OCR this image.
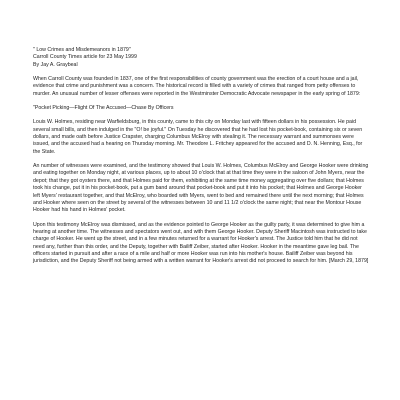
" Low Crimes and Misdemeanors in 1879"

Carroll County Times article for 23 May 1999

By Jay A. Graybeal

When Carroll County was founded in 1837, one of the first responsibilities of county government was the erection of a court house and a jail, evidence that crime and punishment was a concern. The historical record is filled with a variety of crimes that ranged from petty offenses to murder. An unusual number of lesser offenses were reported in the Westminster Democratic Advocate newspaper in the early spring of 1879:

"Pocket Picking—Flight Of The Accused—Chase By Officers

Louis W. Holmes, residing near Warfieldsburg, in this county, came to this city on Monday last with fifteen dollars in his possession. He paid several small bills, and then indulged in the "O! be joyful." On Tuesday he discovered that he had lost his pocket-book, containing six or seven dollars, and made oath before Justice Crapster, charging Columbus McElroy with stealing it. The necessary warrant and summonses were issued, and the accused had a hearing on Thursday morning. Mr. Theodore L. Fritchey appeared for the accused and D. N. Henning, Esq., for the State.

An number of witnesses were examined, and the testimony showed that Louis W. Holmes, Columbus McElroy and George Hooker were drinking and eating together on Monday night, at various places, up to about 10 o'clock that at that time they were in the saloon of John Myers, near the depot; that they got oysters there, and that Holmes paid for them, exhibiting at the same time money aggregating over five dollars; that Holmes took his change, put it in his pocket-book, put a gum band around that pocket-book and put it into his pocket; that Holmes and George Hooker left Myers' restaurant together, and that McElroy, who boarded with Myers, went to bed and remained there until the next morning; that Holmes and Hooker where seen on the street by several of the witnesses between 10 and 11 1/2 o'clock the same night; that near the Montour House Hooker had his hand in Holmes' pocket.

Upon this testimony McElroy was dismissed, and as the evidence pointed to George Hooker as the guilty party, it was determined to give him a hearing at another time. The witnesses and spectators went out, and with them George Hooker. Deputy Sheriff Macintosh was instructed to take charge of Hooker. He went up the street, and in a few minutes returned for a warrant for Hooker's arrest. The Justice told him that he did not need any, further than this order, and the Deputy, together with Bailiff Zeiber, started after Hooker. Hooker in the meantime gave leg bail. The officers started in pursuit and after a race of a mile and half or more Hooker was run into his mother's house. Bailiff Zeiber was beyond his jurisdiction, and the Deputy Sheriff not being armed with a written warrant for Hooker's arrest did not proceed to search for him. [March 29, 1879]
